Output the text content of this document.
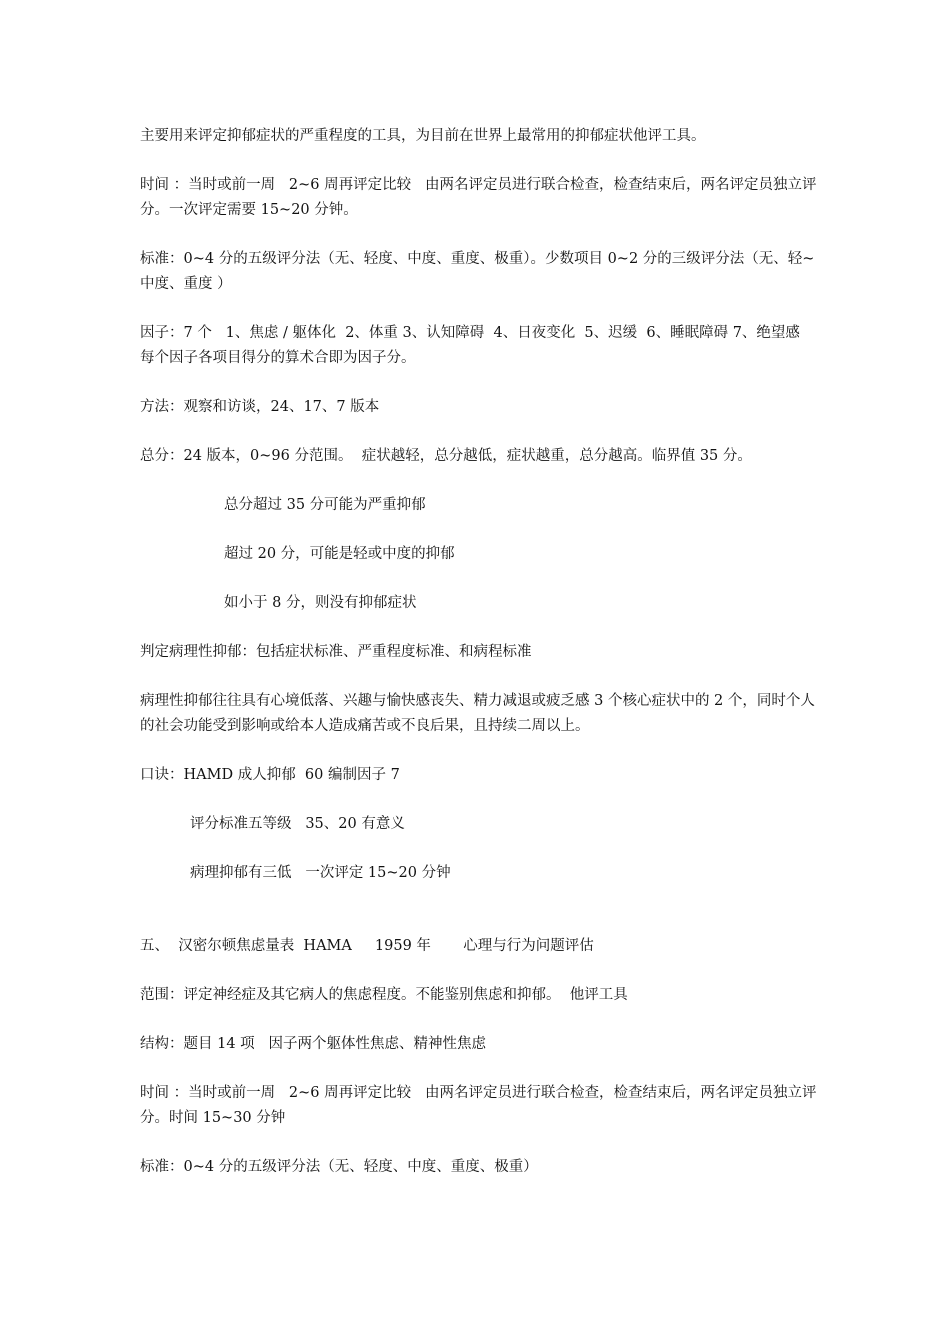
主要用来评定抑郁症状的严重程度的工具，为目前在世界上最常用的抑郁症状他评工具。

时间 ：当时或前一周   2~6 周再评定比较   由两名评定员进行联合检查，检查结束后，两名评定员独立评分。一次评定需要 15~20 分钟。

标准：0~4 分的五级评分法（无、轻度、中度、重度、极重）。少数项目 0~2 分的三级评分法（无、轻~中度、重度 ）

因子：7 个   1、焦虑 / 躯体化  2、体重 3、认知障碍  4、日夜变化  5、迟缓  6、睡眠障碍 7、绝望感  每个因子各项目得分的算术合即为因子分。

方法：观察和访谈，24、17、7 版本

总分：24 版本，0~96 分范围。  症状越轻，总分越低，症状越重，总分越高。临界值 35 分。

总分超过 35 分可能为严重抑郁

超过 20 分，可能是轻或中度的抑郁

如小于 8 分，则没有抑郁症状

判定病理性抑郁：包括症状标准、严重程度标准、和病程标准

病理性抑郁往往具有心境低落、兴趣与愉快感丧失、精力减退或疲乏感 3 个核心症状中的 2 个，同时个人的社会功能受到影响或给本人造成痛苦或不良后果，且持续二周以上。

口诀：HAMD 成人抑郁  60 编制因子 7

评分标准五等级   35、20 有意义

病理抑郁有三低   一次评定 15~20 分钟

五、  汉密尔顿焦虑量表  HAMA     1959 年       心理与行为问题评估

范围：评定神经症及其它病人的焦虑程度。不能鉴别焦虑和抑郁。  他评工具

结构：题目 14 项   因子两个躯体性焦虑、精神性焦虑

时间 ：当时或前一周   2~6 周再评定比较   由两名评定员进行联合检查，检查结束后，两名评定员独立评分。时间 15~30 分钟

标准：0~4 分的五级评分法（无、轻度、中度、重度、极重）
